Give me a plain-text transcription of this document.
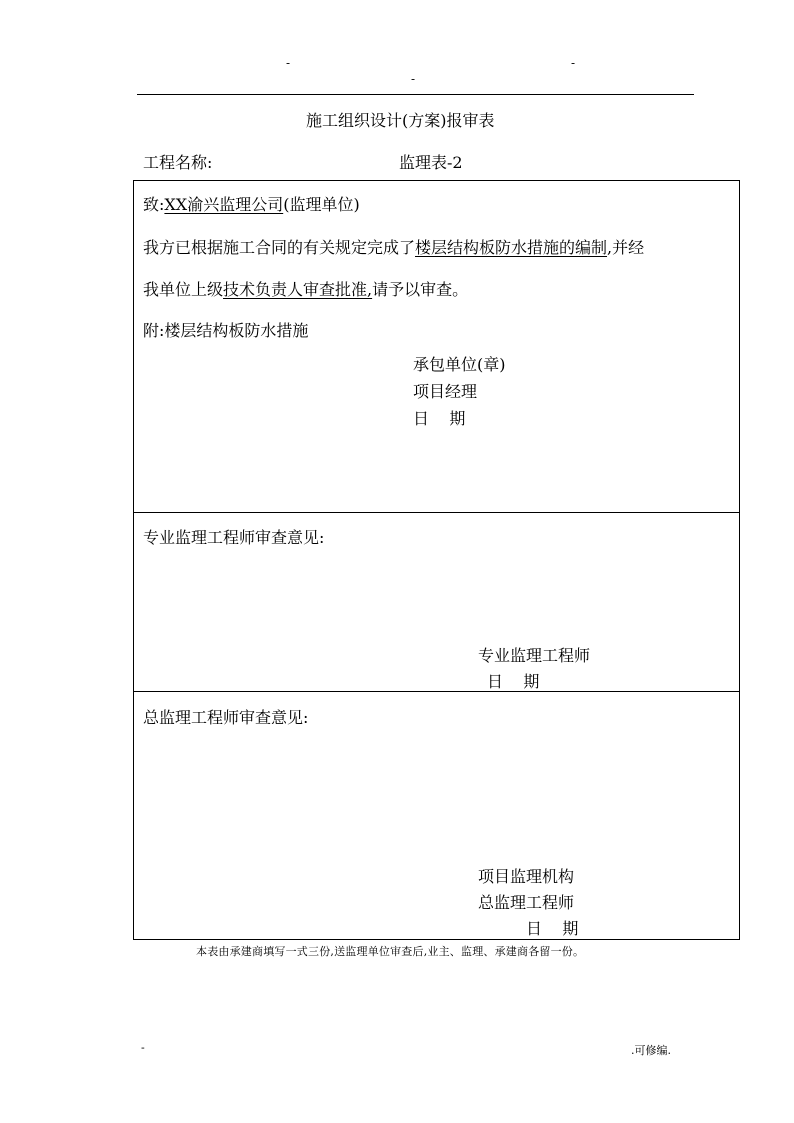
-	-
-
施工组织设计(方案)报审表
工程名称:	监理表-2
致:XX渝兴监理公司(监理单位)
我方已根据施工合同的有关规定完成了楼层结构板防水措施的编制,并经
我单位上级技术负责人审查批准,请予以审查。
附:楼层结构板防水措施
承包单位(章)
项目经理
日    期
专业监理工程师审查意见:
专业监理工程师
日    期
总监理工程师审查意见:
项目监理机构
总监理工程师
日    期
本表由承建商填写一式三份,送监理单位审查后,业主、监理、承建商各留一份。
-	.可修编.
